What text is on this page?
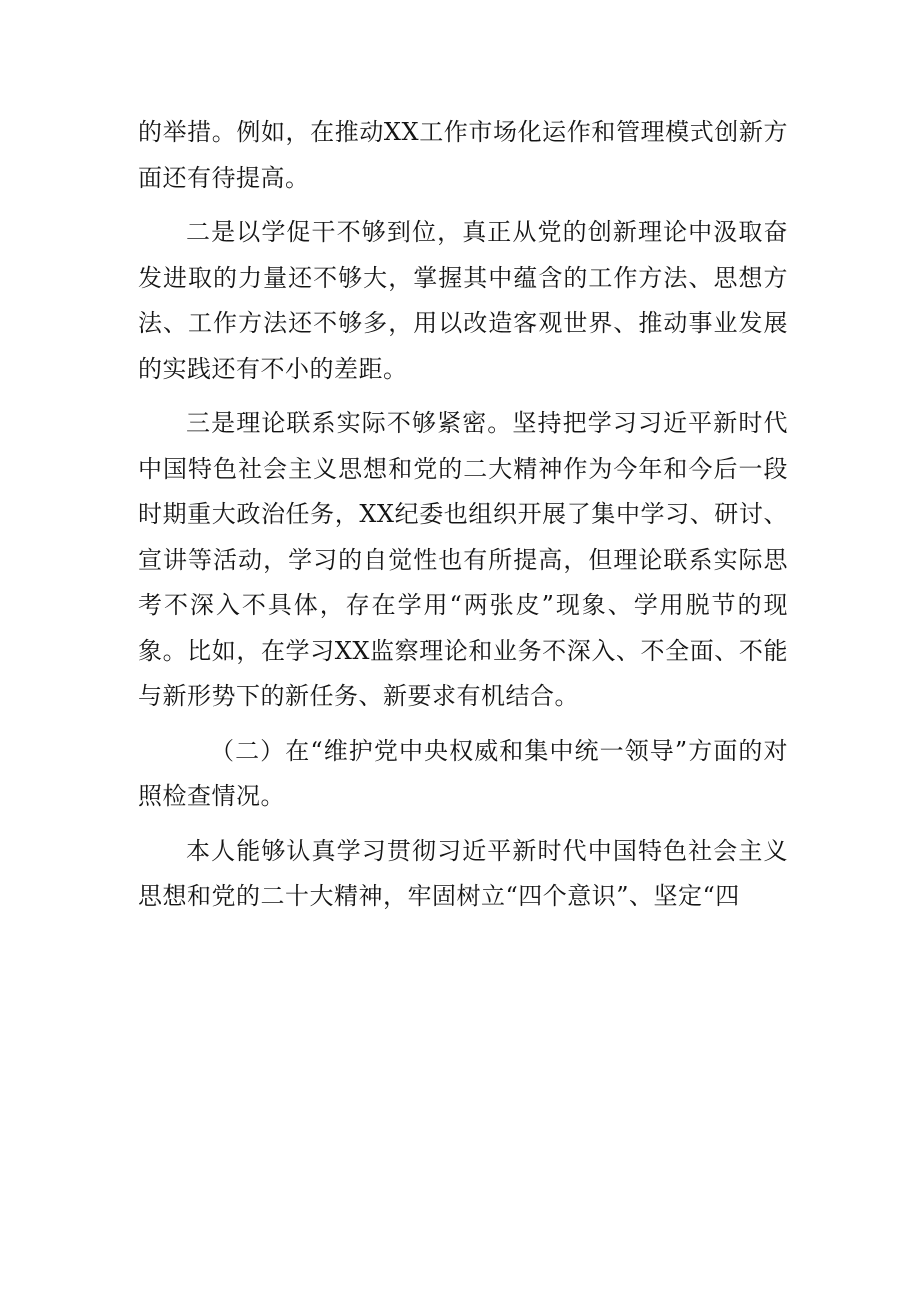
的举措。例如，在推动XX工作市场化运作和管理模式创新方面还有待提高。

二是以学促干不够到位，真正从党的创新理论中汲取奋发进取的力量还不够大，掌握其中蕴含的工作方法、思想方法、工作方法还不够多，用以改造客观世界、推动事业发展的实践还有不小的差距。

三是理论联系实际不够紧密。坚持把学习习近平新时代中国特色社会主义思想和党的二大精神作为今年和今后一段时期重大政治任务，XX纪委也组织开展了集中学习、研讨、宣讲等活动，学习的自觉性也有所提高，但理论联系实际思考不深入不具体，存在学用“两张皮”现象、学用脱节的现象。比如，在学习XX监察理论和业务不深入、不全面、不能与新形势下的新任务、新要求有机结合。

（二）在“维护党中央权威和集中统一领导”方面的对照检查情况。

本人能够认真学习贯彻习近平新时代中国特色社会主义思想和党的二十大精神，牢固树立“四个意识”、坚定“四
